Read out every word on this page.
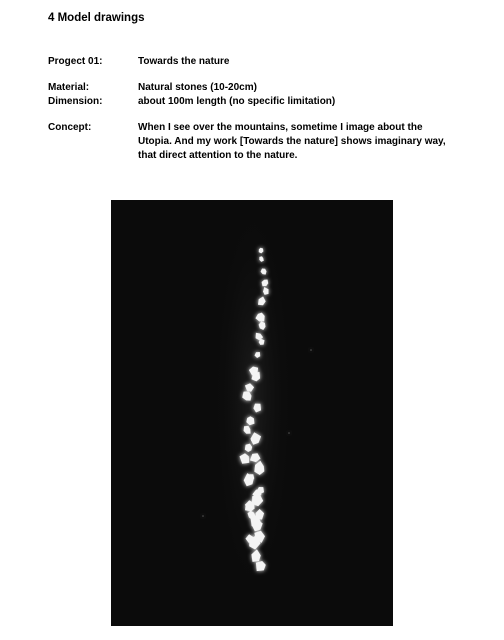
4 Model drawings
Progect 01:	Towards the nature
Material:	Natural stones (10-20cm)
Dimension:	about 100m length (no specific limitation)
Concept:	When I see over the mountains, sometime I image about the Utopia. And my work [Towards the nature] shows imaginary way, that direct attention to the nature.
